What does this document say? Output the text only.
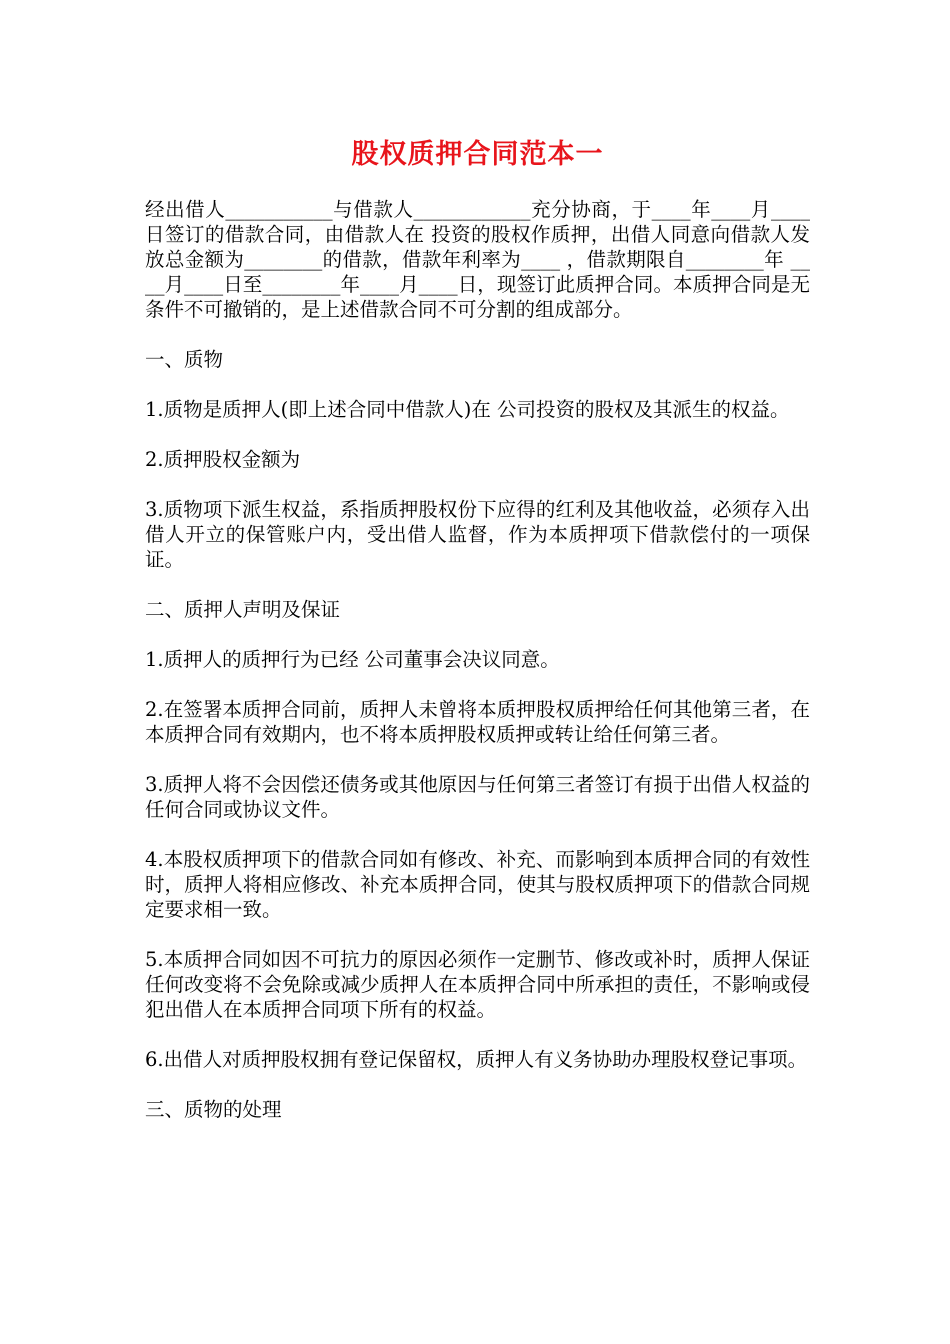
股权质押合同范本一

经出借人___________与借款人____________充分协商，于____年____月____日签订的借款合同，由借款人在 投资的股权作质押，出借人同意向借款人发放总金额为________的借款，借款年利率为____ ，借款期限自________年 ____月____日至________年____月____日，现签订此质押合同。本质押合同是无条件不可撤销的，是上述借款合同不可分割的组成部分。

一、质物

1.质物是质押人(即上述合同中借款人)在 公司投资的股权及其派生的权益。

2.质押股权金额为

3.质物项下派生权益，系指质押股权份下应得的红利及其他收益，必须存入出借人开立的保管账户内，受出借人监督，作为本质押项下借款偿付的一项保证。

二、质押人声明及保证

1.质押人的质押行为已经 公司董事会决议同意。

2.在签署本质押合同前，质押人未曾将本质押股权质押给任何其他第三者，在本质押合同有效期内，也不将本质押股权质押或转让给任何第三者。

3.质押人将不会因偿还债务或其他原因与任何第三者签订有损于出借人权益的任何合同或协议文件。

4.本股权质押项下的借款合同如有修改、补充、而影响到本质押合同的有效性时，质押人将相应修改、补充本质押合同，使其与股权质押项下的借款合同规定要求相一致。

5.本质押合同如因不可抗力的原因必须作一定删节、修改或补时，质押人保证任何改变将不会免除或减少质押人在本质押合同中所承担的责任，不影响或侵犯出借人在本质押合同项下所有的权益。

6.出借人对质押股权拥有登记保留权，质押人有义务协助办理股权登记事项。

三、质物的处理
